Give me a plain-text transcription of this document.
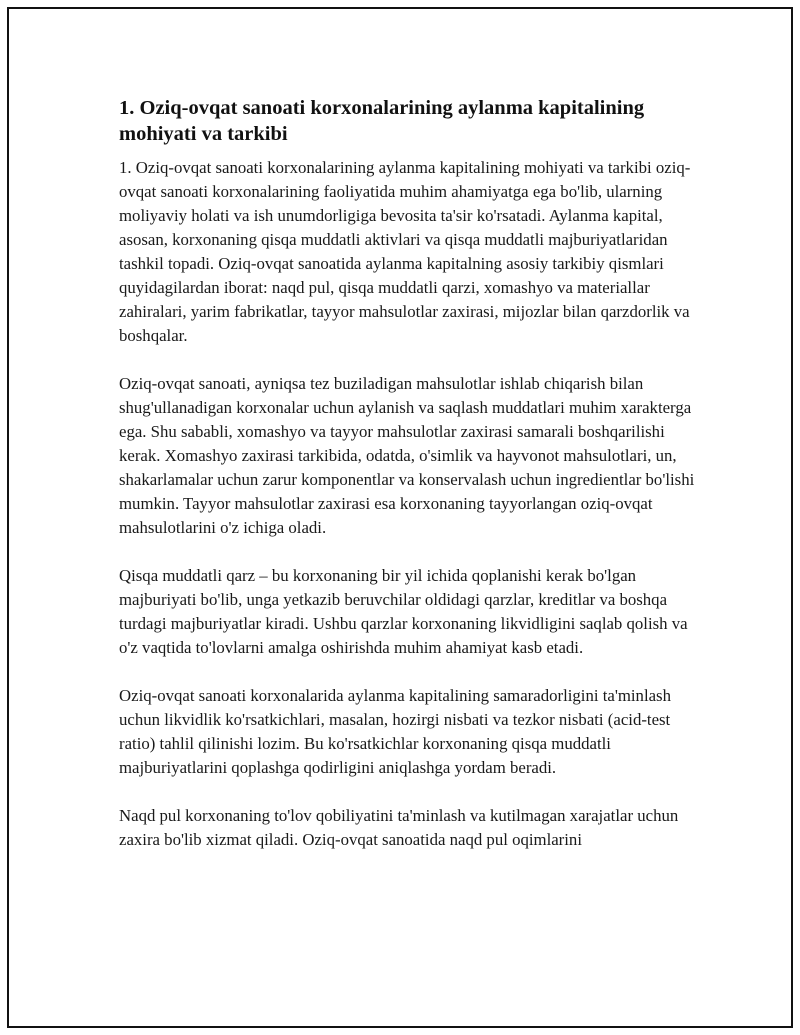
1. Oziq-ovqat sanoati korxonalarining aylanma kapitalining mohiyati va tarkibi

1. Oziq-ovqat sanoati korxonalarining aylanma kapitalining mohiyati va tarkibi oziq-ovqat sanoati korxonalarining faoliyatida muhim ahamiyatga ega bo'lib, ularning moliyaviy holati va ish unumdorligiga bevosita ta'sir ko'rsatadi. Aylanma kapital, asosan, korxonaning qisqa muddatli aktivlari va qisqa muddatli majburiyatlaridan tashkil topadi. Oziq-ovqat sanoatida aylanma kapitalning asosiy tarkibiy qismlari quyidagilardan iborat: naqd pul, qisqa muddatli qarzi, xomashyo va materiallar zahiralari, yarim fabrikatlar, tayyor mahsulotlar zaxirasi, mijozlar bilan qarzdorlik va boshqalar.

Oziq-ovqat sanoati, ayniqsa tez buziladigan mahsulotlar ishlab chiqarish bilan shug'ullanadigan korxonalar uchun aylanish va saqlash muddatlari muhim xarakterga ega. Shu sababli, xomashyo va tayyor mahsulotlar zaxirasi samarali boshqarilishi kerak. Xomashyo zaxirasi tarkibida, odatda, o'simlik va hayvonot mahsulotlari, un, shakarlamalar uchun zarur komponentlar va konservalash uchun ingredientlar bo'lishi mumkin. Tayyor mahsulotlar zaxirasi esa korxonaning tayyorlangan oziq-ovqat mahsulotlarini o'z ichiga oladi.

Qisqa muddatli qarz – bu korxonaning bir yil ichida qoplanishi kerak bo'lgan majburiyati bo'lib, unga yetkazib beruvchilar oldidagi qarzlar, kreditlar va boshqa turdagi majburiyatlar kiradi. Ushbu qarzlar korxonaning likvidligini saqlab qolish va o'z vaqtida to'lovlarni amalga oshirishda muhim ahamiyat kasb etadi.

Oziq-ovqat sanoati korxonalarida aylanma kapitalining samaradorligini ta'minlash uchun likvidlik ko'rsatkichlari, masalan, hozirgi nisbati va tezkor nisbati (acid-test ratio) tahlil qilinishi lozim. Bu ko'rsatkichlar korxonaning qisqa muddatli majburiyatlarini qoplashga qodirligini aniqlashga yordam beradi.

Naqd pul korxonaning to'lov qobiliyatini ta'minlash va kutilmagan xarajatlar uchun zaxira bo'lib xizmat qiladi. Oziq-ovqat sanoatida naqd pul oqimlarini
